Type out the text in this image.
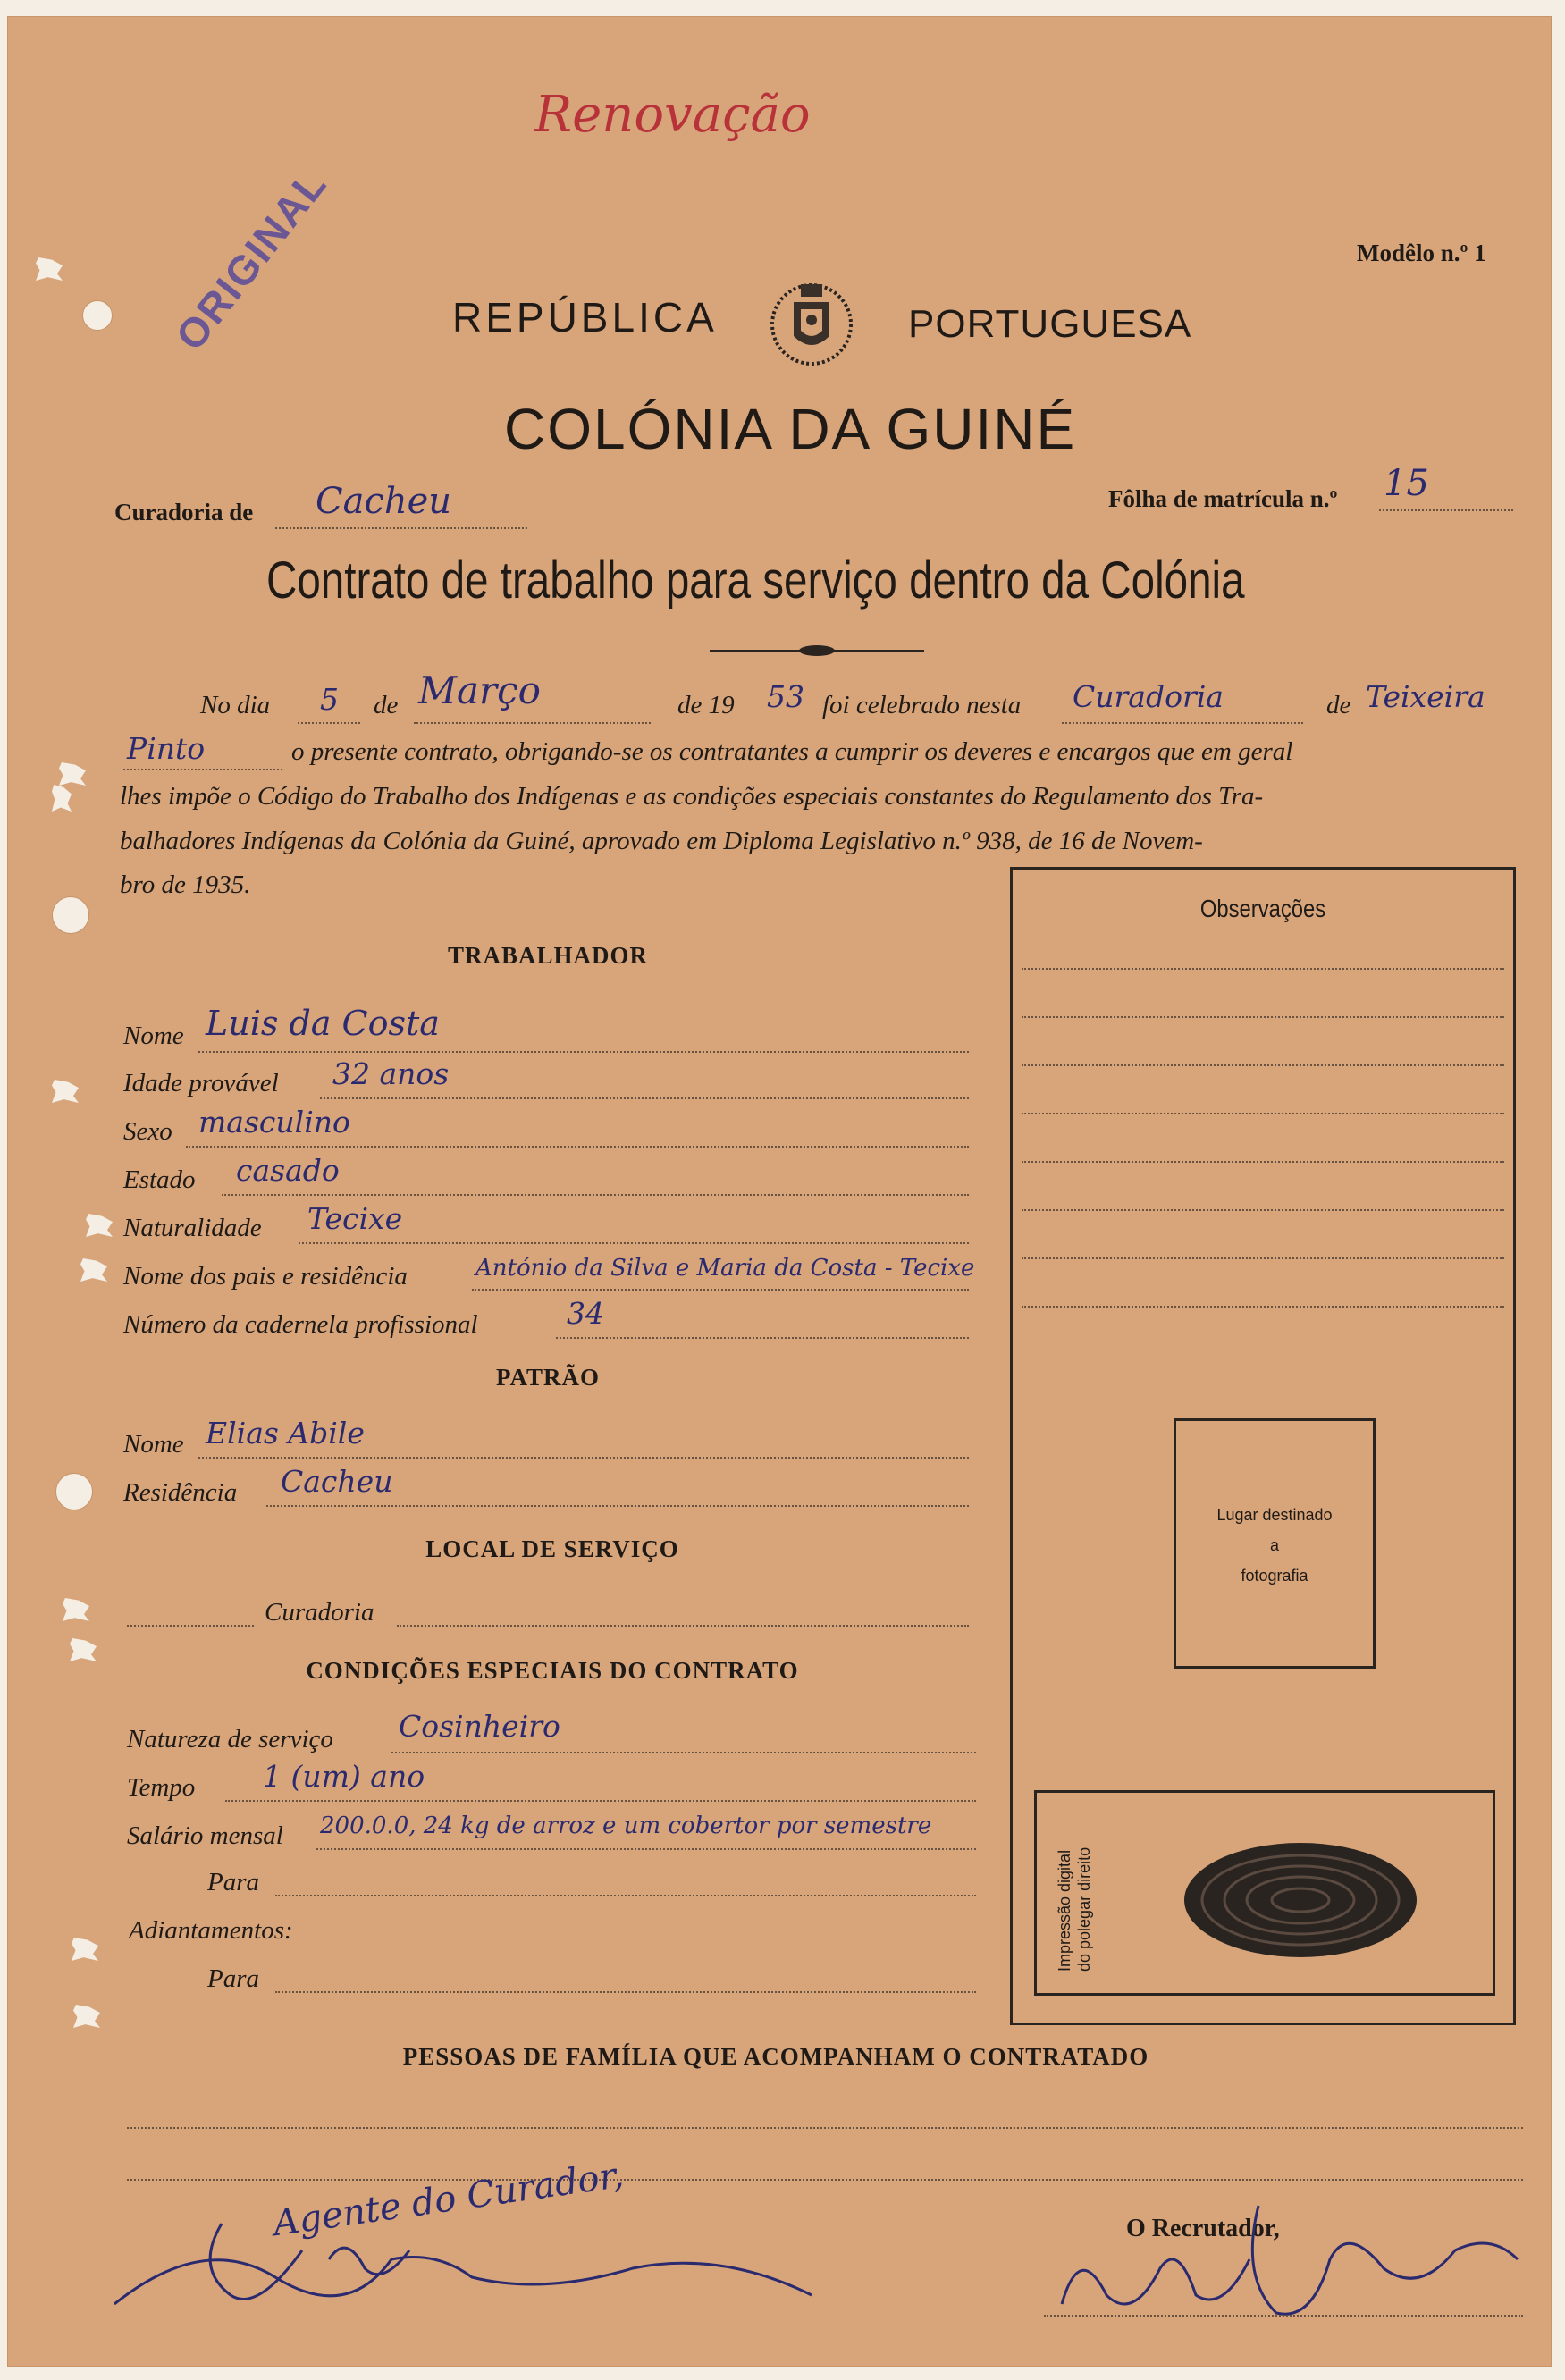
Renovação
ORIGINAL	Modêlo n.º 1
REPÚBLICA	PORTUGUESA
COLÓNIA DA GUINÉ
Curadoria de Cacheu	Fôlha de matrícula n.º 15
Contrato de trabalho para serviço dentro da Colónia
No dia 5 de Março	de 19 53 foi celebrado nesta Curadoria	de Teixeira
Pinto	o presente contrato, obrigando-se os contratantes a cumprir os deveres e encargos que em geral
lhes impõe o Código do Trabalho dos Indígenas e as condições especiais constantes do Regulamento dos Tra-
balhadores Indígenas da Colónia da Guiné, aprovado em Diploma Legislativo n.º 938, de 16 de Novem-
bro de 1935.
TRABALHADOR
Nome Luis da Costa
Idade provável 32 anos
Sexo masculino
Estado casado
Naturalidade Tecixe
Nome dos pais e residência	António da Silva e Maria da Costa - Tecixe
Número da cadernela profissional	34
PATRÃO
Nome Elias Abile
Residência Cacheu
LOCAL DE SERVIÇO
Curadoria
CONDIÇÕES ESPECIAIS DO CONTRATO
Natureza de serviço Cosinheiro
Tempo 1 (um) ano
Salário mensal 200.0.0, 24 kg de arroz e um cobertor por semestre
Para
Adiantamentos:
Para
Observações
Lugar destinado
a
fotografia
Impressão digital do polegar direito
PESSOAS DE FAMÍLIA QUE ACOMPANHAM O CONTRATADO
Agente do Curador,	O Recrutador,
